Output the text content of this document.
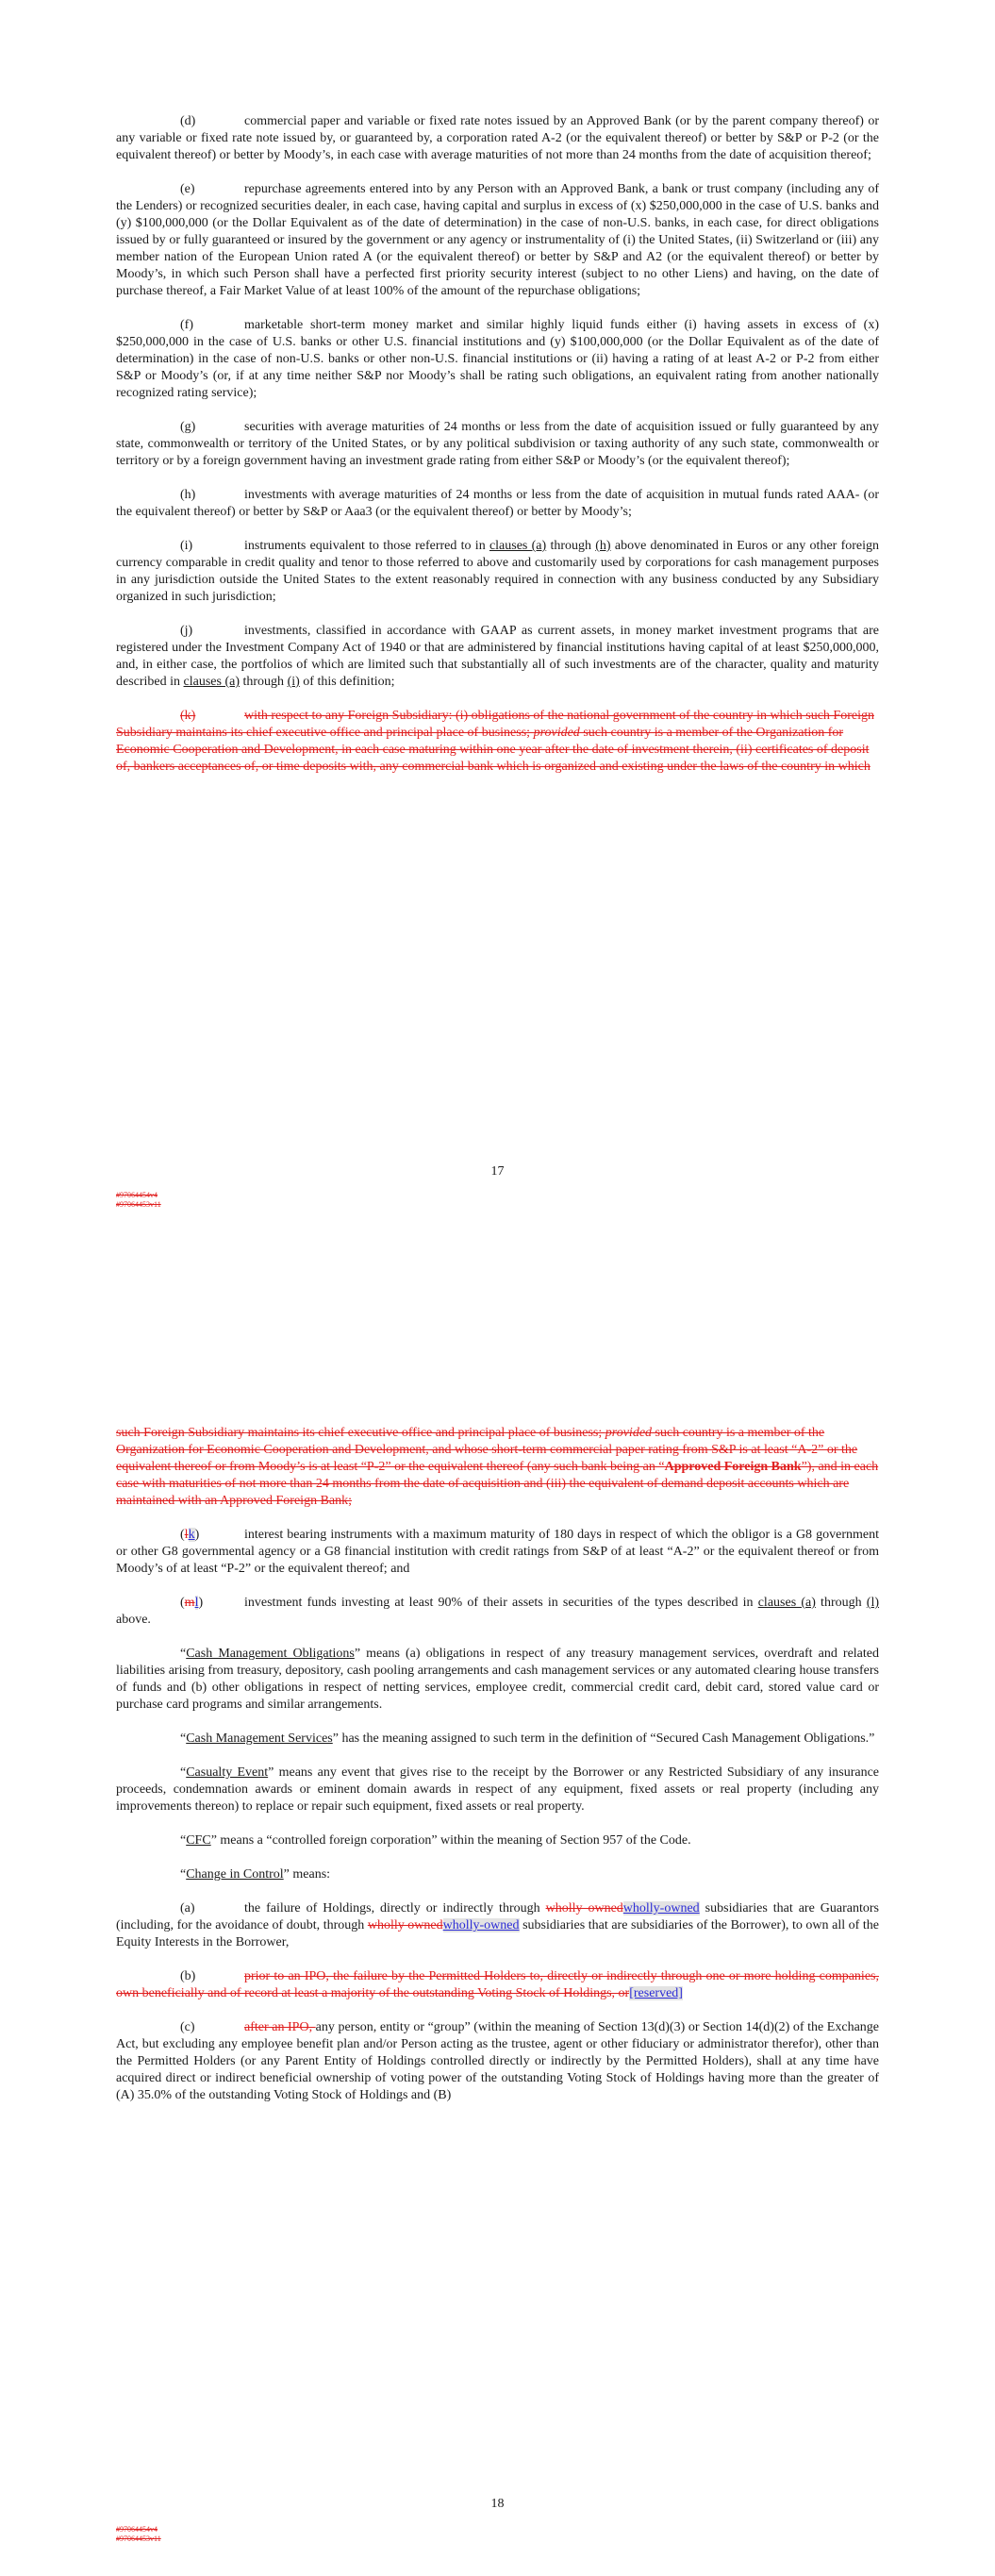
(d)	commercial paper and variable or fixed rate notes issued by an Approved Bank (or by the parent company thereof) or any variable or fixed rate note issued by, or guaranteed by, a corporation rated A-2 (or the equivalent thereof) or better by S&P or P-2 (or the equivalent thereof) or better by Moody’s, in each case with average maturities of not more than 24 months from the date of acquisition thereof;

(e)	repurchase agreements entered into by any Person with an Approved Bank, a bank or trust company (including any of the Lenders) or recognized securities dealer, in each case, having capital and surplus in excess of (x) $250,000,000 in the case of U.S. banks and (y) $100,000,000 (or the Dollar Equivalent as of the date of determination) in the case of non-U.S. banks, in each case, for direct obligations issued by or fully guaranteed or insured by the government or any agency or instrumentality of (i) the United States, (ii) Switzerland or (iii) any member nation of the European Union rated A (or the equivalent thereof) or better by S&P and A2 (or the equivalent thereof) or better by Moody’s, in which such Person shall have a perfected first priority security interest (subject to no other Liens) and having, on the date of purchase thereof, a Fair Market Value of at least 100% of the amount of the repurchase obligations;

(f)	marketable short-term money market and similar highly liquid funds either (i) having assets in excess of (x) $250,000,000 in the case of U.S. banks or other U.S. financial institutions and (y) $100,000,000 (or the Dollar Equivalent as of the date of determination) in the case of non-U.S. banks or other non-U.S. financial institutions or (ii) having a rating of at least A-2 or P-2 from either S&P or Moody’s (or, if at any time neither S&P nor Moody’s shall be rating such obligations, an equivalent rating from another nationally recognized rating service);

(g)	securities with average maturities of 24 months or less from the date of acquisition issued or fully guaranteed by any state, commonwealth or territory of the United States, or by any political subdivision or taxing authority of any such state, commonwealth or territory or by a foreign government having an investment grade rating from either S&P or Moody’s (or the equivalent thereof);

(h)	investments with average maturities of 24 months or less from the date of acquisition in mutual funds rated AAA- (or the equivalent thereof) or better by S&P or Aaa3 (or the equivalent thereof) or better by Moody’s;

(i)	instruments equivalent to those referred to in clauses (a) through (h) above denominated in Euros or any other foreign currency comparable in credit quality and tenor to those referred to above and customarily used by corporations for cash management purposes in any jurisdiction outside the United States to the extent reasonably required in connection with any business conducted by any Subsidiary organized in such jurisdiction;

(j)	investments, classified in accordance with GAAP as current assets, in money market investment programs that are registered under the Investment Company Act of 1940 or that are administered by financial institutions having capital of at least $250,000,000, and, in either case, the portfolios of which are limited such that substantially all of such investments are of the character, quality and maturity described in clauses (a) through (i) of this definition;

(k)	with respect to any Foreign Subsidiary: (i) obligations of the national government of the country in which such Foreign Subsidiary maintains its chief executive office and principal place of business; provided such country is a member of the Organization for Economic Cooperation and Development, in each case maturing within one year after the date of investment therein, (ii) certificates of deposit of, bankers acceptances of, or time deposits with, any commercial bank which is organized and existing under the laws of the country in which

17
#97064454v4
#97064453v11

such Foreign Subsidiary maintains its chief executive office and principal place of business; provided such country is a member of the Organization for Economic Cooperation and Development, and whose short-term commercial paper rating from S&P is at least “A-2” or the equivalent thereof or from Moody’s is at least “P-2” or the equivalent thereof (any such bank being an “Approved Foreign Bank”), and in each case with maturities of not more than 24 months from the date of acquisition and (iii) the equivalent of demand deposit accounts which are maintained with an Approved Foreign Bank;

(lk)	interest bearing instruments with a maximum maturity of 180 days in respect of which the obligor is a G8 government or other G8 governmental agency or a G8 financial institution with credit ratings from S&P of at least “A-2” or the equivalent thereof or from Moody’s of at least “P-2” or the equivalent thereof; and

(ml)	investment funds investing at least 90% of their assets in securities of the types described in clauses (a) through (l) above.

“Cash Management Obligations” means (a) obligations in respect of any treasury management services, overdraft and related liabilities arising from treasury, depository, cash pooling arrangements and cash management services or any automated clearing house transfers of funds and (b) other obligations in respect of netting services, employee credit, commercial credit card, debit card, stored value card or purchase card programs and similar arrangements.

“Cash Management Services” has the meaning assigned to such term in the definition of “Secured Cash Management Obligations.”

“Casualty Event” means any event that gives rise to the receipt by the Borrower or any Restricted Subsidiary of any insurance proceeds, condemnation awards or eminent domain awards in respect of any equipment, fixed assets or real property (including any improvements thereon) to replace or repair such equipment, fixed assets or real property.

“CFC” means a “controlled foreign corporation” within the meaning of Section 957 of the Code.

“Change in Control” means:

(a)	the failure of Holdings, directly or indirectly through wholly ownedwholly-owned subsidiaries that are Guarantors (including, for the avoidance of doubt, through wholly ownedwholly-owned subsidiaries that are subsidiaries of the Borrower), to own all of the Equity Interests in the Borrower,

(b)	prior to an IPO, the failure by the Permitted Holders to, directly or indirectly through one or more holding companies, own beneficially and of record at least a majority of the outstanding Voting Stock of Holdings, or[reserved]

(c)	after an IPO, any person, entity or “group” (within the meaning of Section 13(d)(3) or Section 14(d)(2) of the Exchange Act, but excluding any employee benefit plan and/or Person acting as the trustee, agent or other fiduciary or administrator therefor), other than the Permitted Holders (or any Parent Entity of Holdings controlled directly or indirectly by the Permitted Holders), shall at any time have acquired direct or indirect beneficial ownership of voting power of the outstanding Voting Stock of Holdings having more than the greater of (A) 35.0% of the outstanding Voting Stock of Holdings and (B)

18
#97064454v4
#97064453v11
